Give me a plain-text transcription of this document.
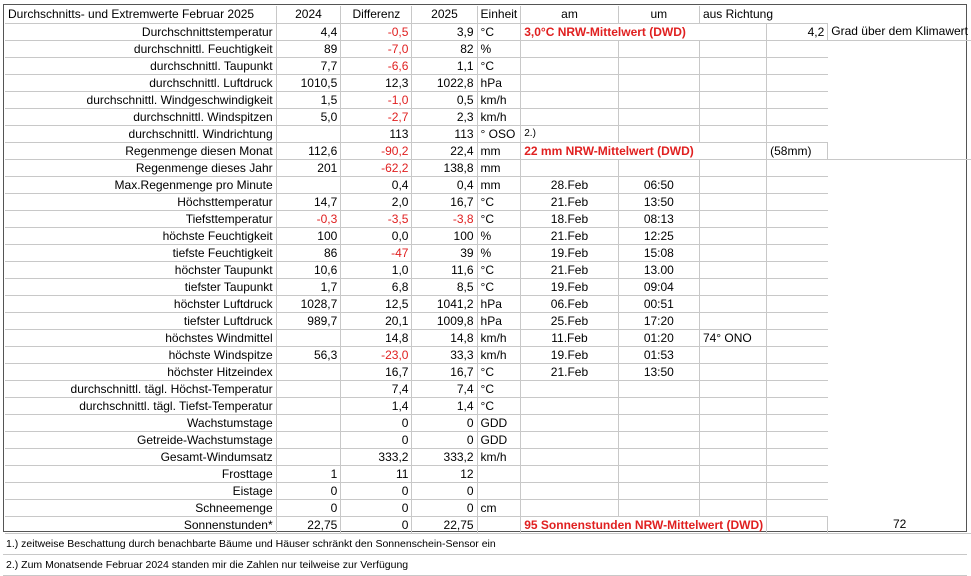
Durchschnitts- und Extremwerte Februar 2025	2024	Differenz	2025	Einheit	am	um	aus Richtung		
Durchschnittstemperatur	4,4	-0,5	3,9	°C	3,0°C NRW-Mittelwert (DWD)			4,2	Grad über dem Klimawert
durchschnittl. Feuchtigkeit	89	-7,0	82	%					
durchschnittl. Taupunkt	7,7	-6,6	1,1	°C					
durchschnittl. Luftdruck	1010,5	12,3	1022,8	hPa					
durchschnittl. Windgeschwindigkeit	1,5	-1,0	0,5	km/h					
durchschnittl. Windspitzen	5,0	-2,7	2,3	km/h					
durchschnittl. Windrichtung		113	113	° OSO	2.)				
Regenmenge diesen Monat	112,6	-90,2	22,4	mm	22 mm NRW-Mittelwert (DWD)			(58mm)	
Regenmenge dieses Jahr	201	-62,2	138,8	mm					
Max.Regenmenge pro Minute		0,4	0,4	mm	28.Feb	06:50			
Höchsttemperatur	14,7	2,0	16,7	°C	21.Feb	13:50			
Tiefsttemperatur	-0,3	-3,5	-3,8	°C	18.Feb	08:13			
höchste Feuchtigkeit	100	0,0	100	%	21.Feb	12:25			
tiefste Feuchtigkeit	86	-47	39	%	19.Feb	15:08			
höchster Taupunkt	10,6	1,0	11,6	°C	21.Feb	13.00			
tiefster Taupunkt	1,7	6,8	8,5	°C	19.Feb	09:04			
höchster Luftdruck	1028,7	12,5	1041,2	hPa	06.Feb	00:51			
tiefster Luftdruck	989,7	20,1	1009,8	hPa	25.Feb	17:20			
höchstes Windmittel		14,8	14,8	km/h	11.Feb	01:20	74° ONO		
höchste Windspitze	56,3	-23,0	33,3	km/h	19.Feb	01:53			
höchster Hitzeindex		16,7	16,7	°C	21.Feb	13:50			
durchschnittl. tägl. Höchst-Temperatur		7,4	7,4	°C					
durchschnittl. tägl. Tiefst-Temperatur		1,4	1,4	°C					
Wachstumstage		0	0	GDD					
Getreide-Wachstumstage		0	0	GDD					
Gesamt-Windumsatz		333,2	333,2	km/h					
Frosttage	1	11	12						
Eistage	0	0	0						
Schneemenge	0	0	0	cm					
Sonnenstunden*	22,75	0	22,75		95 Sonnenstunden NRW-Mittelwert (DWD)				72
1.) zeitweise Beschattung durch benachbarte Bäume und Häuser schränkt den Sonnenschein-Sensor ein
2.) Zum Monatsende Februar 2024 standen mir die Zahlen nur teilweise zur Verfügung
